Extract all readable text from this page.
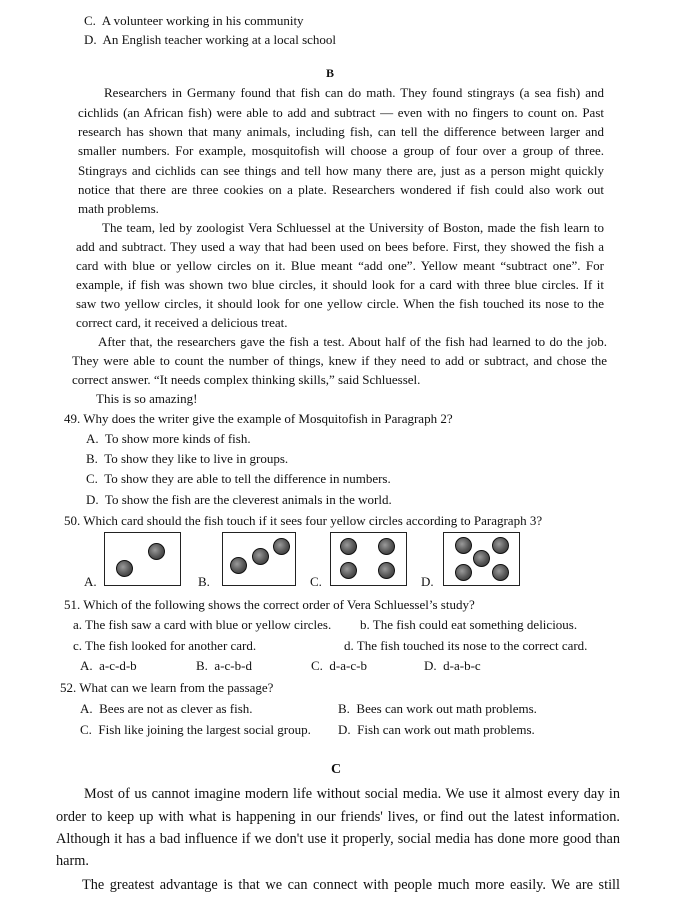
C. A volunteer working in his community
D. An English teacher working at a local school
B
Researchers in Germany found that fish can do math. They found stingrays (a sea fish) and
cichlids (an African fish) were able to add and subtract — even with no fingers to count on. Past
research has shown that many animals, including fish, can tell the difference between larger and
smaller numbers. For example, mosquitofish will choose a group of four over a group of three.
Stingrays and cichlids can see things and tell how many there are, just as a person might quickly
notice that there are three cookies on a plate. Researchers wondered if fish could also work out
math problems.
The team, led by zoologist Vera Schluessel at the University of Boston, made the fish learn to
add and subtract. They used a way that had been used on bees before. First, they showed the fish a
card with blue or yellow circles on it. Blue meant “add one”. Yellow meant “subtract one”. For
example, if fish was shown two blue circles, it should look for a card with three blue circles. If it
saw two yellow circles, it should look for one yellow circle. When the fish touched its nose to the
correct card, it received a delicious treat.
After that, the researchers gave the fish a test. About half of the fish had learned to do the job.
They were able to count the number of things, knew if they need to add or subtract, and chose the
correct answer. “It needs complex thinking skills,” said Schluessel.
This is so amazing!
49. Why does the writer give the example of Mosquitofish in Paragraph 2?
A. To show more kinds of fish.
B. To show they like to live in groups.
C. To show they are able to tell the difference in numbers.
D. To show the fish are the cleverest animals in the world.
50. Which card should the fish touch if it sees four yellow circles according to Paragraph 3?
A.	B.	C.	D.
51. Which of the following shows the correct order of Vera Schluessel’s study?
a. The fish saw a card with blue or yellow circles. b. The fish could eat something delicious.
c. The fish looked for another card.	d. The fish touched its nose to the correct card.
A. a-c-d-b	B. a-c-b-d	C. d-a-c-b	D. d-a-b-c
52. What can we learn from the passage?
A. Bees are not as clever as fish.	B. Bees can work out math problems.
C. Fish like joining the largest social group. D. Fish can work out math problems.
C
Most of us cannot imagine modern life without social media. We use it almost every day in
order to keep up with what is happening in our friends' lives, or find out the latest information.
Although it has a bad influence if we don't use it properly, social media has done more good than
harm.
The greatest advantage is that we can connect with people much more easily. We are still
